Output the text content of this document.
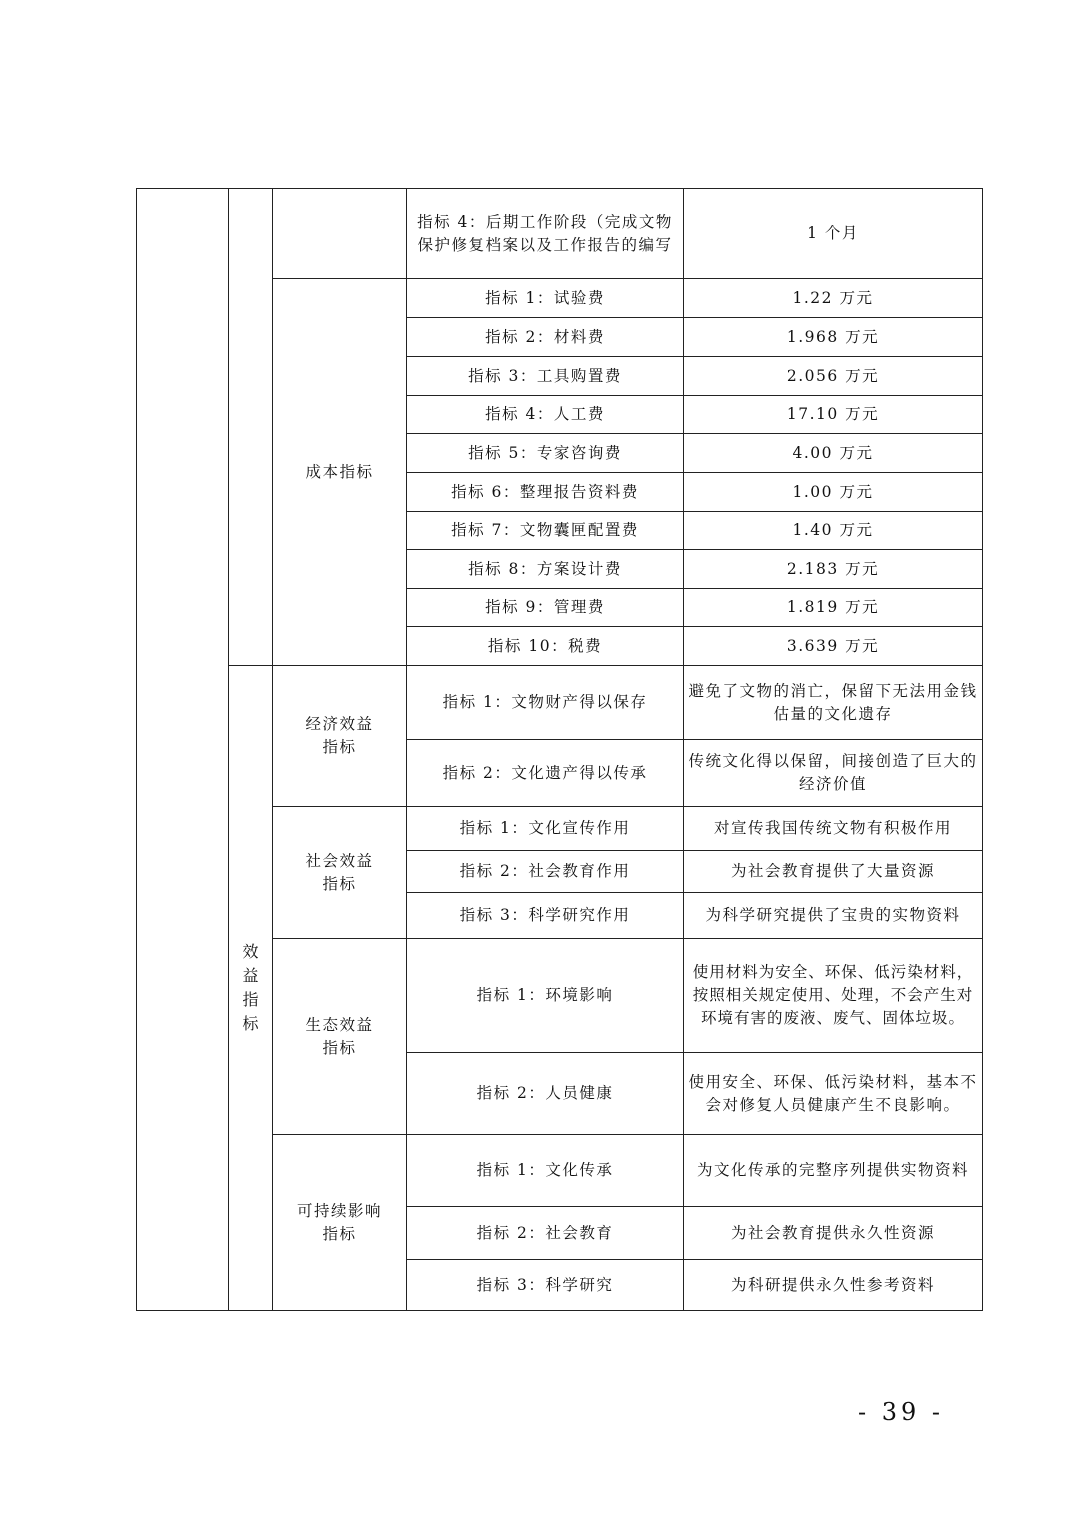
			指标 4：后期工作阶段（完成文物保护修复档案以及工作报告的编写	1 个月
		成本指标	指标 1：试验费	1.22 万元
			指标 2：材料费	1.968 万元
			指标 3：工具购置费	2.056 万元
			指标 4：人工费	17.10 万元
			指标 5：专家咨询费	4.00 万元
			指标 6：整理报告资料费	1.00 万元
			指标 7：文物囊匣配置费	1.40 万元
			指标 8：方案设计费	2.183 万元
			指标 9：管理费	1.819 万元
			指标 10：税费	3.639 万元
	效益指标	经济效益指标	指标 1：文物财产得以保存	避免了文物的消亡，保留下无法用金钱估量的文化遗存
			指标 2：文化遗产得以传承	传统文化得以保留，间接创造了巨大的经济价值
		社会效益指标	指标 1：文化宣传作用	对宣传我国传统文物有积极作用
			指标 2：社会教育作用	为社会教育提供了大量资源
			指标 3：科学研究作用	为科学研究提供了宝贵的实物资料
		生态效益指标	指标 1：环境影响	使用材料为安全、环保、低污染材料，按照相关规定使用、处理，不会产生对环境有害的废液、废气、固体垃圾。
			指标 2：人员健康	使用安全、环保、低污染材料，基本不会对修复人员健康产生不良影响。
		可持续影响指标	指标 1：文化传承	为文化传承的完整序列提供实物资料
			指标 2：社会教育	为社会教育提供永久性资源
			指标 3：科学研究	为科研提供永久性参考资料
- 39 -
